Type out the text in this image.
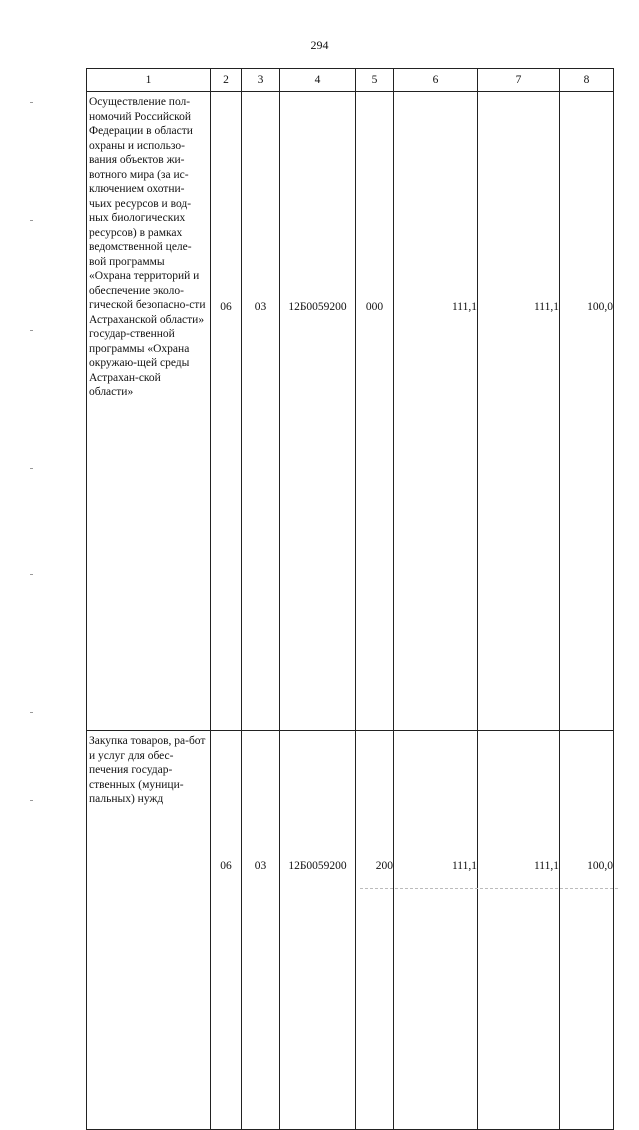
294
1	2	3	4	5	6	7	8
Осуществление пол-номочий Российской Федерации в области охраны и использо-вания объектов жи-вотного мира (за ис-ключением охотни-чьих ресурсов и вод-ных биологических ресурсов) в рамках ведомственной целе-вой программы «Охрана территорий и обеспечение эколо-гической безопасно-сти Астраханской области» государ-ственной программы «Охрана окружаю-щей среды Астрахан-ской области»	06	03	12Б0059200	000	111,1	111,1	100,0
Закупка товаров, ра-бот и услуг для обес-печения государ-ственных (муници-пальных) нужд	06	03	12Б0059200	200	111,1	111,1	100,0
